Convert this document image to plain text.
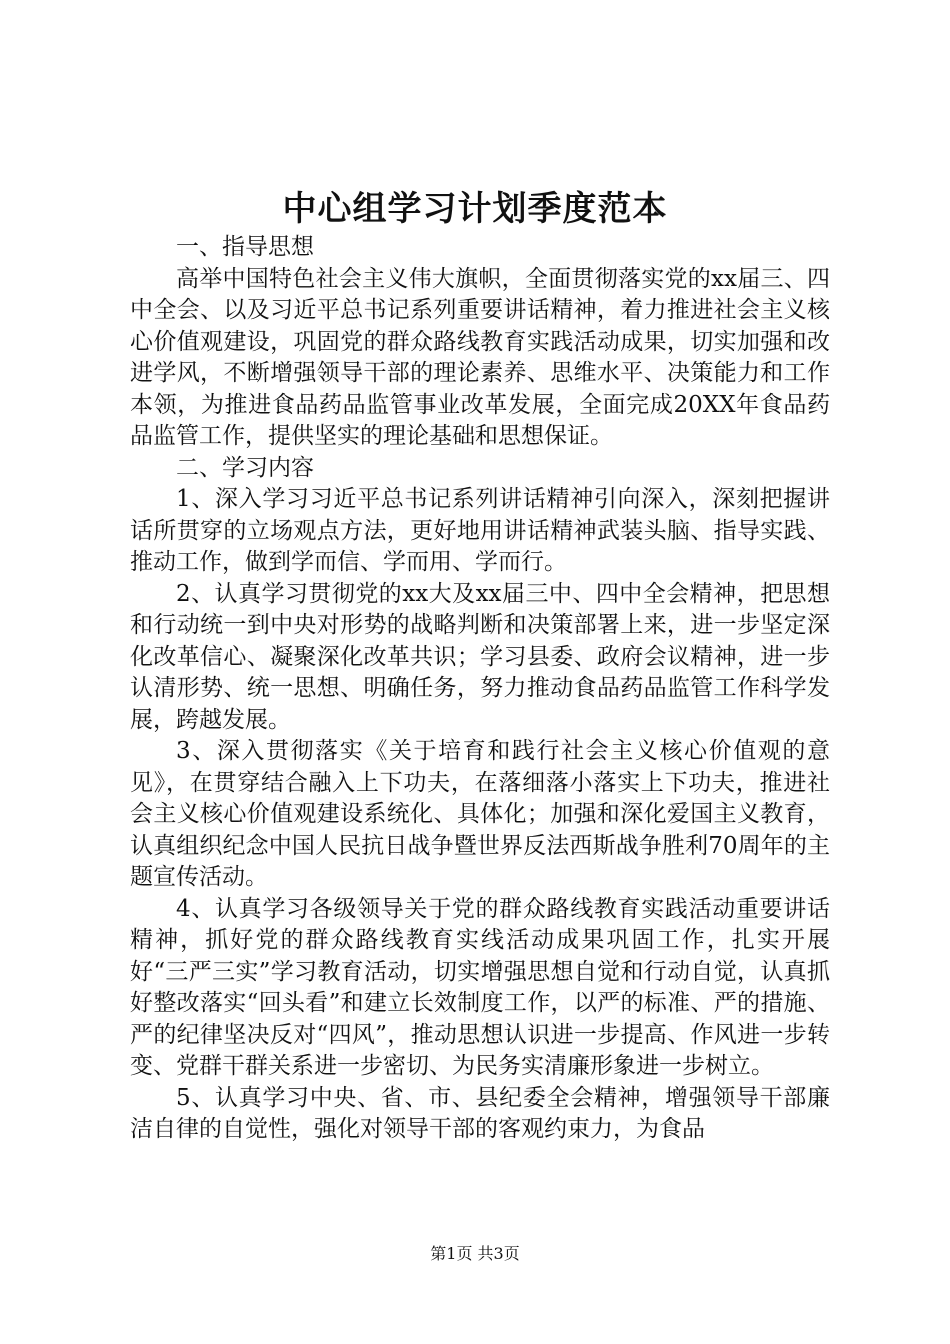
中心组学习计划季度范本

一、指导思想

高举中国特色社会主义伟大旗帜，全面贯彻落实党的xx届三、四中全会、以及习近平总书记系列重要讲话精神，着力推进社会主义核心价值观建设，巩固党的群众路线教育实践活动成果，切实加强和改进学风，不断增强领导干部的理论素养、思维水平、决策能力和工作本领，为推进食品药品监管事业改革发展，全面完成20XX年食品药品监管工作，提供坚实的理论基础和思想保证。

二、学习内容

1、深入学习习近平总书记系列讲话精神引向深入，深刻把握讲话所贯穿的立场观点方法，更好地用讲话精神武装头脑、指导实践、推动工作，做到学而信、学而用、学而行。

2、认真学习贯彻党的xx大及xx届三中、四中全会精神，把思想和行动统一到中央对形势的战略判断和决策部署上来，进一步坚定深化改革信心、凝聚深化改革共识；学习县委、政府会议精神，进一步认清形势、统一思想、明确任务，努力推动食品药品监管工作科学发展，跨越发展。

3、深入贯彻落实《关于培育和践行社会主义核心价值观的意见》，在贯穿结合融入上下功夫，在落细落小落实上下功夫，推进社会主义核心价值观建设系统化、具体化；加强和深化爱国主义教育，认真组织纪念中国人民抗日战争暨世界反法西斯战争胜利70周年的主题宣传活动。

4、认真学习各级领导关于党的群众路线教育实践活动重要讲话精神，抓好党的群众路线教育实线活动成果巩固工作，扎实开展好“三严三实”学习教育活动，切实增强思想自觉和行动自觉，认真抓好整改落实“回头看”和建立长效制度工作，以严的标准、严的措施、严的纪律坚决反对“四风”，推动思想认识进一步提高、作风进一步转变、党群干群关系进一步密切、为民务实清廉形象进一步树立。

5、认真学习中央、省、市、县纪委全会精神，增强领导干部廉洁自律的自觉性，强化对领导干部的客观约束力，为食品

第1页 共3页
